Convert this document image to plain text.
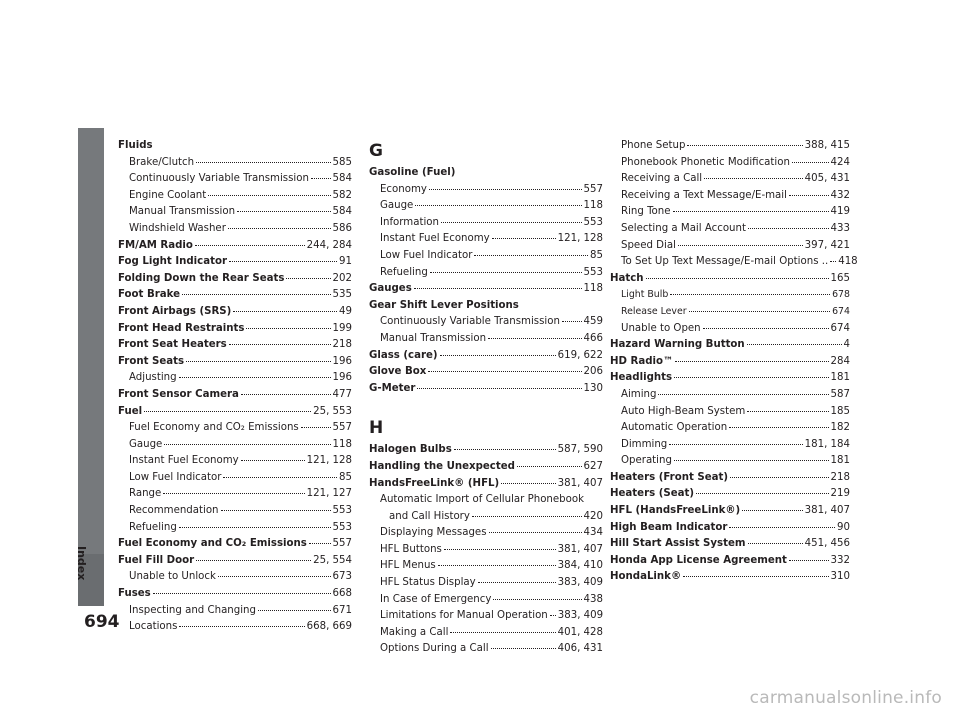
Index
694
carmanualsonline.info
Fluids
Brake/Clutch	585
Continuously Variable Transmission 584
Engine Coolant	582
Manual Transmission	584
Windshield Washer	586
FM/AM Radio	244, 284
Fog Light Indicator	91
Folding Down the Rear Seats	202
Foot Brake	535
Front Airbags (SRS)	49
Front Head Restraints	199
Front Seat Heaters	218
Front Seats	196
Adjusting	196
Front Sensor Camera	477
Fuel	25, 553
Fuel Economy and CO₂ Emissions	557
Gauge	118
Instant Fuel Economy	121, 128
Low Fuel Indicator	85
Range	121, 127
Recommendation	553
Refueling	553
Fuel Economy and CO₂ Emissions	557
Fuel Fill Door	25, 554
Unable to Unlock	673
Fuses	668
Inspecting and Changing	671
Locations	668, 669
G
Gasoline (Fuel)
Economy	557
Gauge	118
Information	553
Instant Fuel Economy	121, 128
Low Fuel Indicator	85
Refueling	553
Gauges	118
Gear Shift Lever Positions
Continuously Variable Transmission 459
Manual Transmission	466
Glass (care)	619, 622
Glove Box	206
G-Meter	130
H
Halogen Bulbs	587, 590
Handling the Unexpected	627
HandsFreeLink® (HFL)	381, 407
Automatic Import of Cellular Phonebook
and Call History	420
Displaying Messages	434
HFL Buttons	381, 407
HFL Menus	384, 410
HFL Status Display	383, 409
In Case of Emergency	438
Limitations for Manual Operation 383, 409
Making a Call	401, 428
Options During a Call	406, 431
Phone Setup	388, 415
Phonebook Phonetic Modification	424
Receiving a Call	405, 431
Receiving a Text Message/E-mail	432
Ring Tone	419
Selecting a Mail Account	433
Speed Dial	397, 421
To Set Up Text Message/E-mail Options .. 418
Hatch	165
Light Bulb	678
Release Lever	674
Unable to Open	674
Hazard Warning Button	4
HD Radio™	284
Headlights	181
Aiming	587
Auto High-Beam System	185
Automatic Operation	182
Dimming	181, 184
Operating	181
Heaters (Front Seat)	218
Heaters (Seat)	219
HFL (HandsFreeLink®)	381, 407
High Beam Indicator	90
Hill Start Assist System	451, 456
Honda App License Agreement	332
HondaLink®	310
